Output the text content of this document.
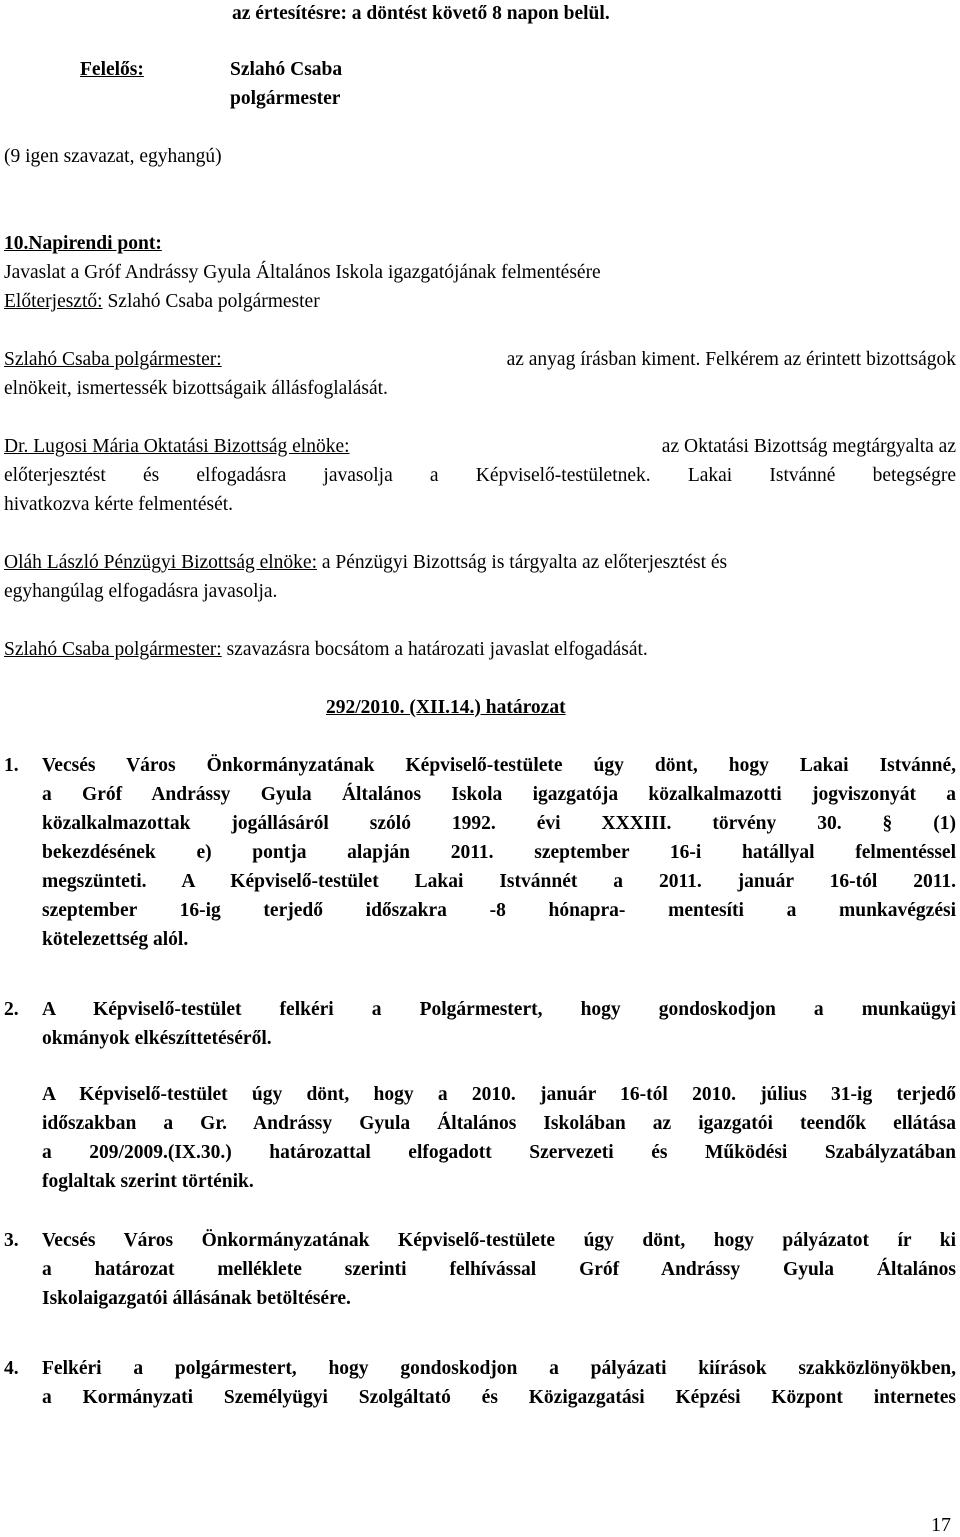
az értesítésre: a döntést követő 8 napon belül.
Felelős:	Szlahó Csaba
polgármester
(9 igen szavazat, egyhangú)
10.Napirendi pont:
Javaslat a Gróf Andrássy Gyula Általános Iskola igazgatójának felmentésére
Előterjesztő: Szlahó Csaba polgármester
Szlahó Csaba polgármester:	az anyag írásban kiment. Felkérem az érintett bizottságok
elnökeit, ismertessék bizottságaik állásfoglalását.
Dr. Lugosi Mária Oktatási Bizottság elnöke:	az Oktatási Bizottság megtárgyalta az
előterjesztést és elfogadásra javasolja a Képviselő-testületnek. Lakai Istvánné betegségre
hivatkozva kérte felmentését.
Oláh László Pénzügyi Bizottság elnöke: a Pénzügyi Bizottság is tárgyalta az előterjesztést és
egyhangúlag elfogadásra javasolja.
Szlahó Csaba polgármester: szavazásra bocsátom a határozati javaslat elfogadását.
292/2010. (XII.14.) határozat
1. Vecsés Város Önkormányzatának Képviselő-testülete úgy dönt, hogy Lakai Istvánné,
a Gróf Andrássy Gyula Általános Iskola igazgatója közalkalmazotti jogviszonyát a
közalkalmazottak jogállásáról szóló 1992. évi XXXIII. törvény 30. § (1)
bekezdésének e) pontja alapján 2011. szeptember 16-i hatállyal felmentéssel
megszünteti. A Képviselő-testület Lakai Istvánnét a 2011. január 16-tól 2011.
szeptember 16-ig terjedő időszakra -8 hónapra- mentesíti a munkavégzési
kötelezettség alól.
2. A Képviselő-testület felkéri a Polgármestert, hogy gondoskodjon a munkaügyi
okmányok elkészíttetéséről.
A Képviselő-testület úgy dönt, hogy a 2010. január 16-tól 2010. július 31-ig terjedő
időszakban a Gr. Andrássy Gyula Általános Iskolában az igazgatói teendők ellátása
a 209/2009.(IX.30.) határozattal elfogadott Szervezeti és Működési Szabályzatában
foglaltak szerint történik.
3. Vecsés Város Önkormányzatának Képviselő-testülete úgy dönt, hogy pályázatot ír ki
a határozat melléklete szerinti felhívással Gróf Andrássy Gyula Általános
Iskolaigazgatói állásának betöltésére.
4. Felkéri a polgármestert, hogy gondoskodjon a pályázati kiírások szakközlönyökben,
a Kormányzati Személyügyi Szolgáltató és Közigazgatási Képzési Központ internetes
17
